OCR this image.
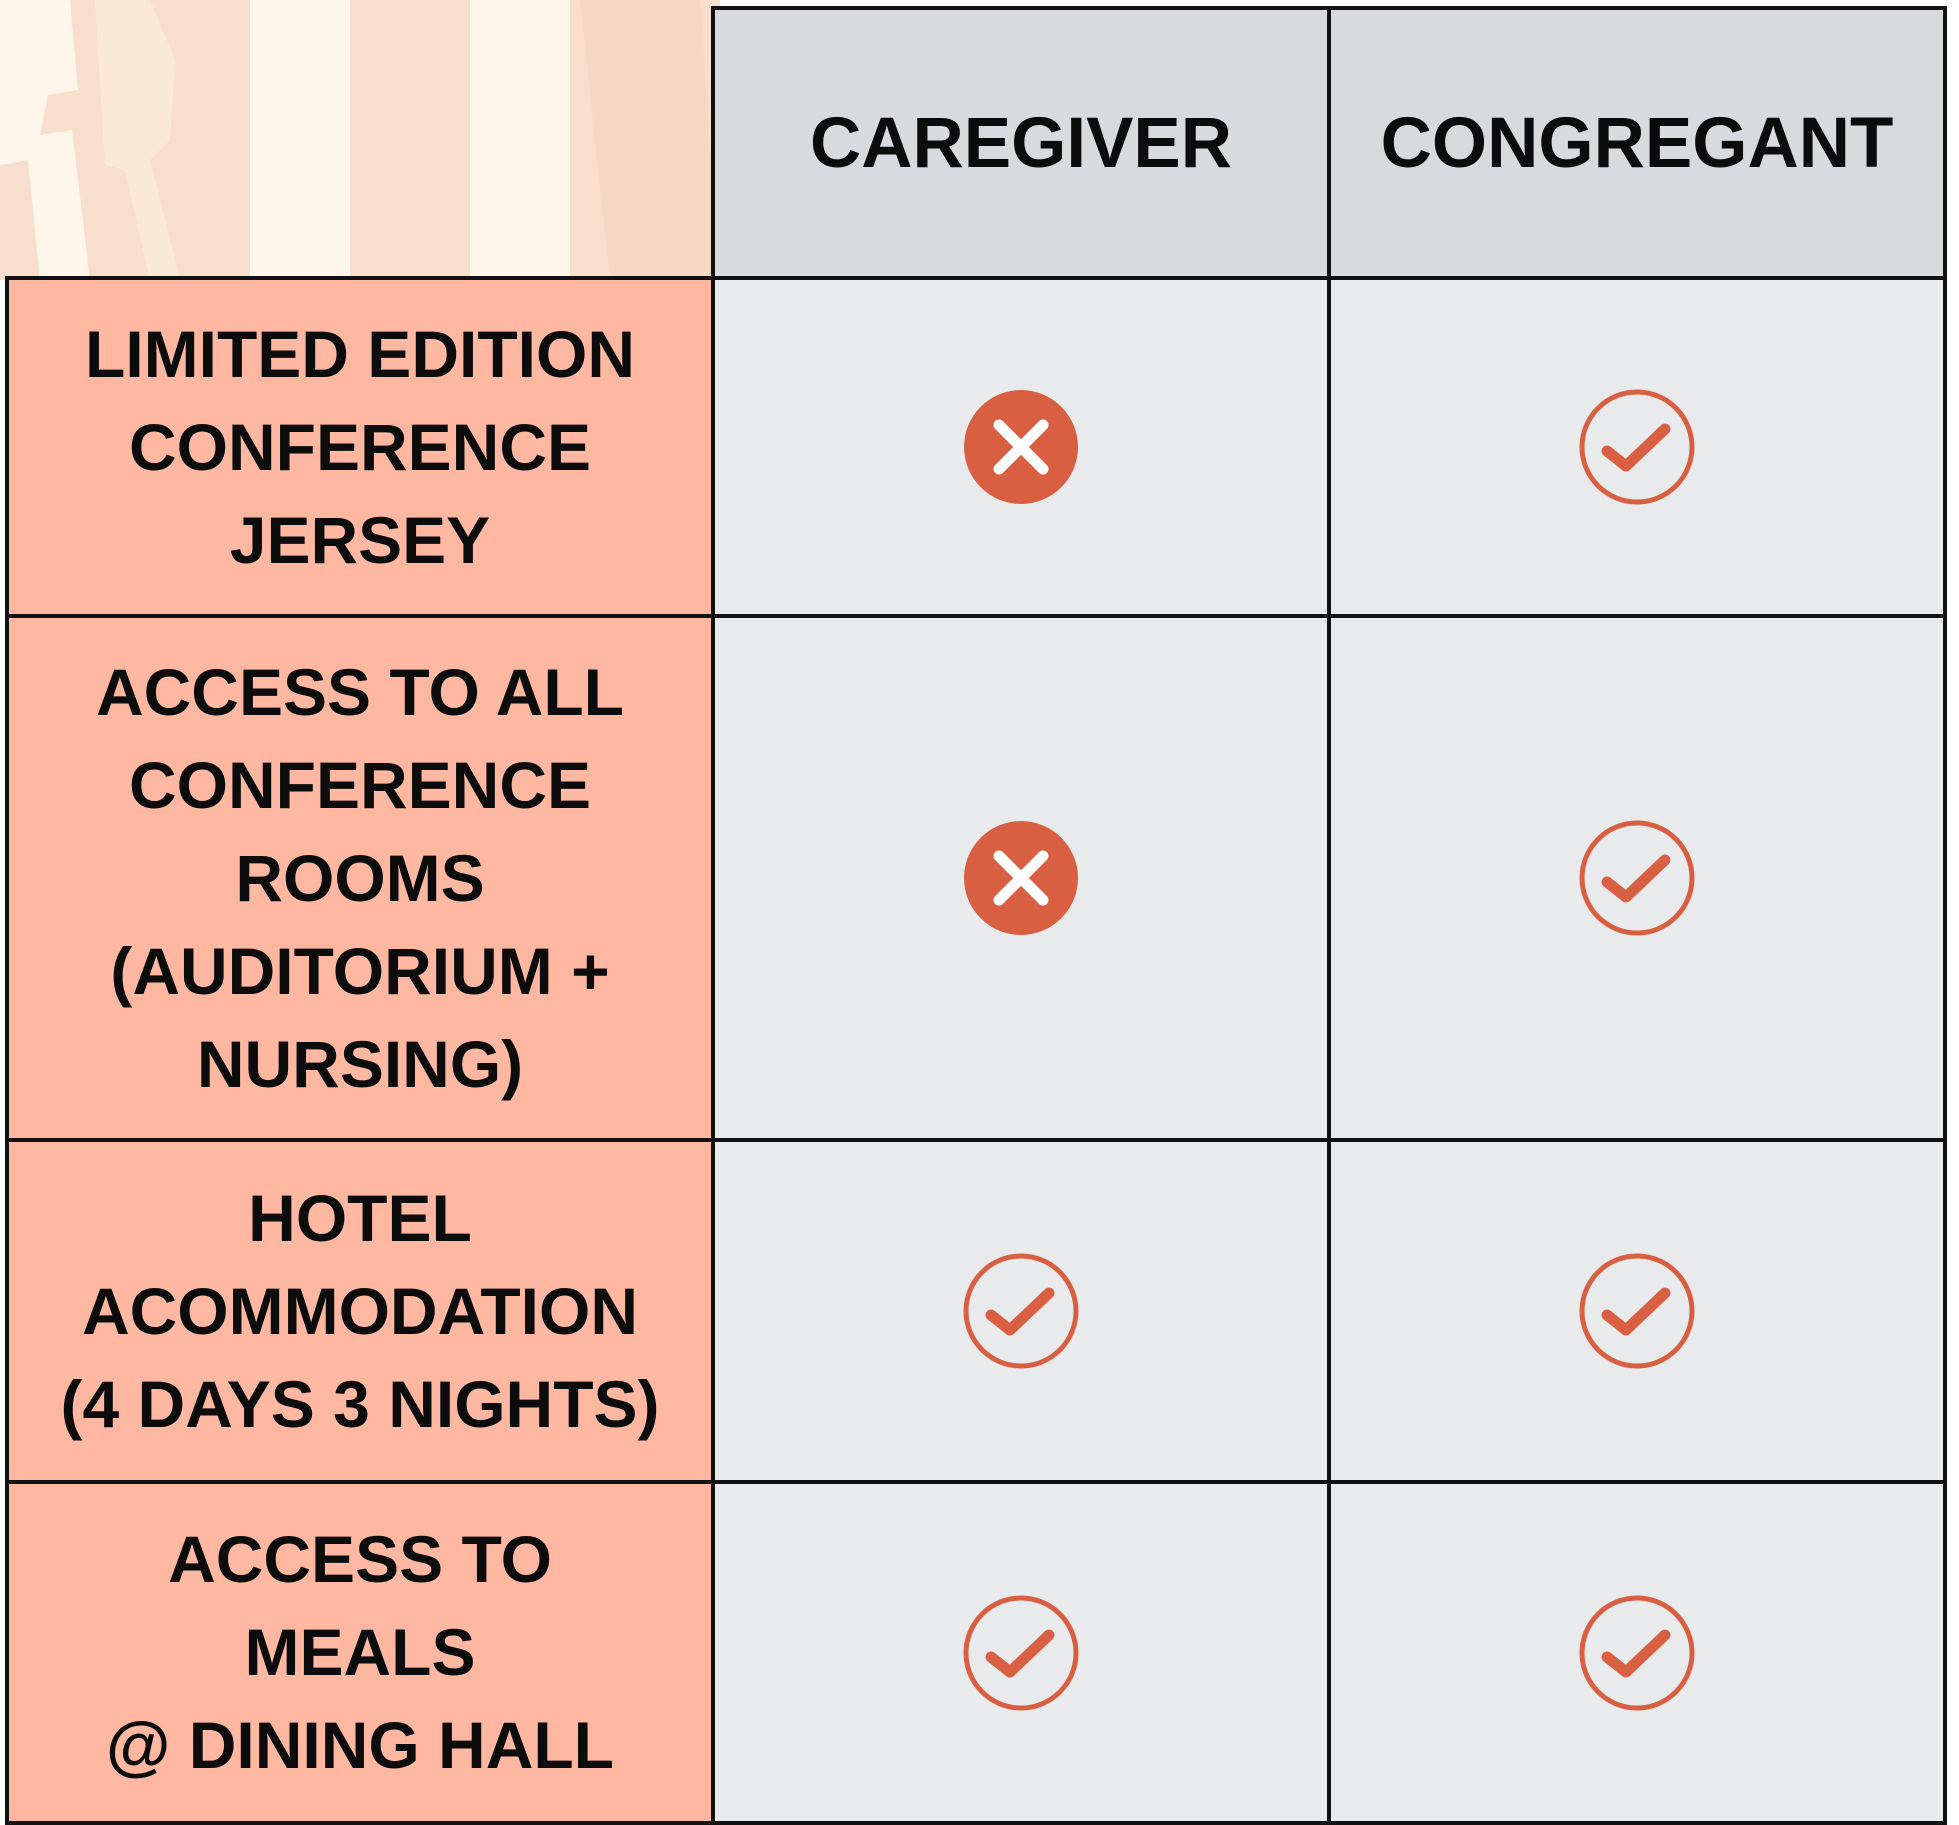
CAREGIVER CONGREGANT
LIMITED EDITION
CONFERENCE
JERSEY
ACCESS TO ALL
CONFERENCE
ROOMS
(AUDITORIUM +
NURSING)
HOTEL
ACOMMODATION
(4 DAYS 3 NIGHTS)
ACCESS TO
MEALS
@ DINING HALL
